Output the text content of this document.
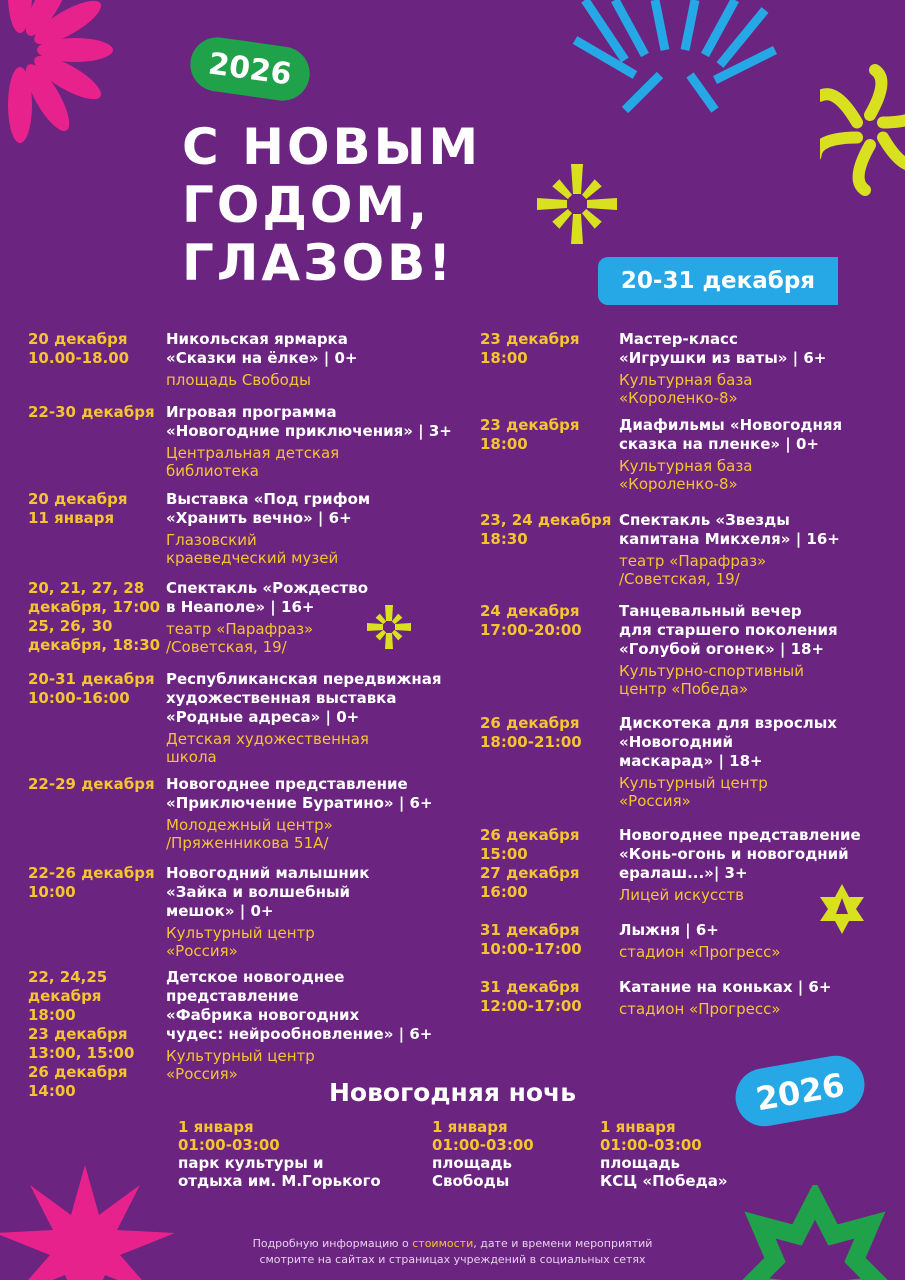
2026
С НОВЫМ
ГОДОМ,
ГЛАЗОВ!	20-31 декабря
20 декабря
10.00-18.00
Никольская ярмарка
«Сказки на ёлке» | 0+
площадь Свободы
22-30 декабря Игровая программа
«Новогодние приключения» | 3+
Центральная детская
библиотека
20 декабря
11 января
Выставка «Под грифом
«Хранить вечно» | 6+
Глазовский
краеведческий музей
20, 21, 27, 28
декабря, 17:00
25, 26, 30
декабря, 18:30
Спектакль «Рождество
в Неаполе» | 16+
театр «Парафраз»
/Советская, 19/
20-31 декабря
10:00-16:00
Республиканская передвижная
художественная выставка
«Родные адреса» | 0+
Детская художественная
школа
22-29 декабря Новогоднее представление
«Приключение Буратино» | 6+
Молодежный центр»
/Пряженникова 51А/
22-26 декабря
10:00
Новогодний малышник
«Зайка и волшебный
мешок» | 0+
Культурный центр
«Россия»
22, 24,25
декабря
18:00
23 декабря
13:00, 15:00
26 декабря
14:00
Детское новогоднее
представление
«Фабрика новогодних
чудес: нейрообновление» | 6+
Культурный центр
«Россия»
23 декабря
18:00
Мастер-класс
«Игрушки из ваты» | 6+
Культурная база
«Короленко-8»
23 декабря
18:00
Диафильмы «Новогодняя
сказка на пленке» | 0+
Культурная база
«Короленко-8»
23, 24 декабря
18:30
Спектакль «Звезды
капитана Микхеля» | 16+
театр «Парафраз»
/Советская, 19/
24 декабря
17:00-20:00
Танцевальный вечер
для старшего поколения
«Голубой огонек» | 18+
Культурно-спортивный
центр «Победа»
26 декабря
18:00-21:00
Дискотека для взрослых
«Новогодний
маскарад» | 18+
Культурный центр
«Россия»
26 декабря
15:00
27 декабря
16:00
Новогоднее представление
«Конь-огонь и новогодний
ералаш...»| 3+
Лицей искусств
31 декабря
10:00-17:00
Лыжня | 6+
стадион «Прогресс»
31 декабря
12:00-17:00
Катание на коньках | 6+
стадион «Прогресс»
2026
Новогодняя ночь
1 января
01:00-03:00
парк культуры и
отдыха им. М.Горького
1 января
01:00-03:00
площадь
Свободы
1 января
01:00-03:00
площадь
КСЦ «Победа»
Подробную информацию о стоимости, дате и времени мероприятий
смотрите на сайтах и страницах учреждений в социальных сетях
